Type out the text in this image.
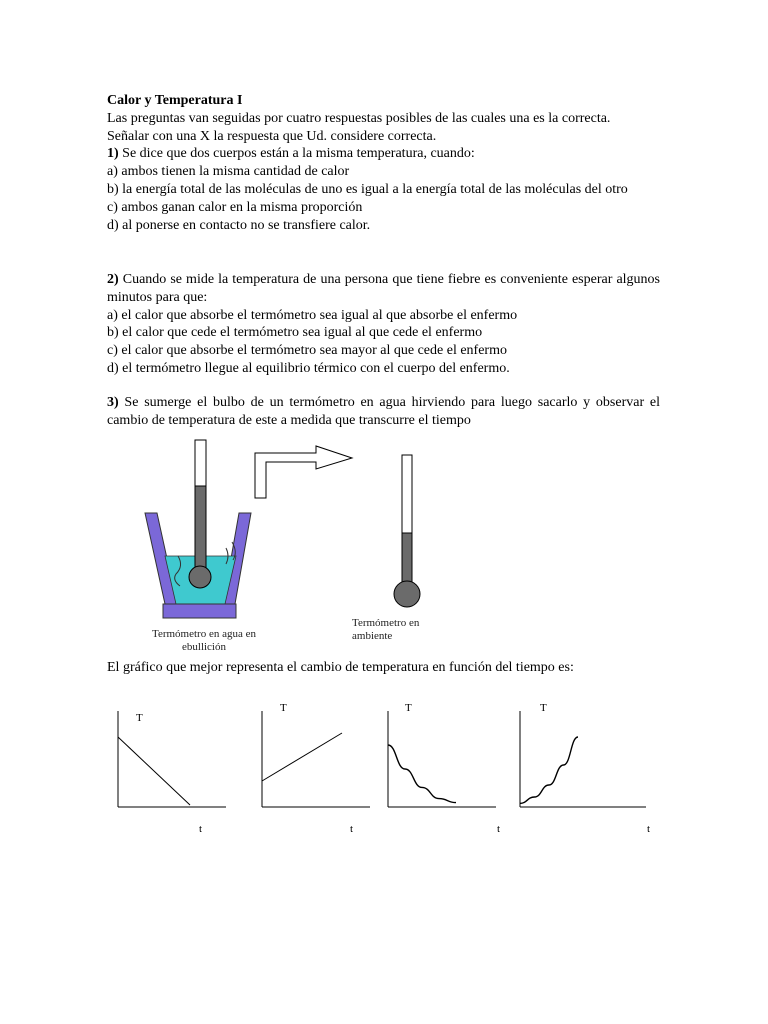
Calor y Temperatura I

Las preguntas van seguidas por cuatro respuestas posibles de las cuales una es la correcta.

Señalar con una X la respuesta que Ud. considere correcta.

1) Se dice que dos cuerpos están a la misma temperatura, cuando:

a) ambos tienen la misma cantidad de calor

b) la energía total de las moléculas de uno es igual a la energía total de las moléculas del otro

c) ambos ganan calor en la misma proporción

d) al ponerse en contacto no se transfiere calor.

2) Cuando se mide la temperatura de una persona que tiene fiebre es conveniente esperar algunos minutos para que:

a) el calor que absorbe el termómetro sea igual al que absorbe el enfermo

b) el calor que cede el termómetro sea igual al que cede el enfermo

c) el calor que absorbe el termómetro sea mayor al que cede el enfermo

d) el termómetro llegue al equilibrio térmico con el cuerpo del enfermo.

3) Se sumerge el bulbo de un termómetro en agua hirviendo para luego sacarlo y observar el cambio de temperatura de este a medida que transcurre el tiempo

Termómetro en agua en ebullición
Termómetro en ambiente
El gráfico que mejor representa el cambio de temperatura en función del tiempo es:
T
t
T
t
T
t
T
t
